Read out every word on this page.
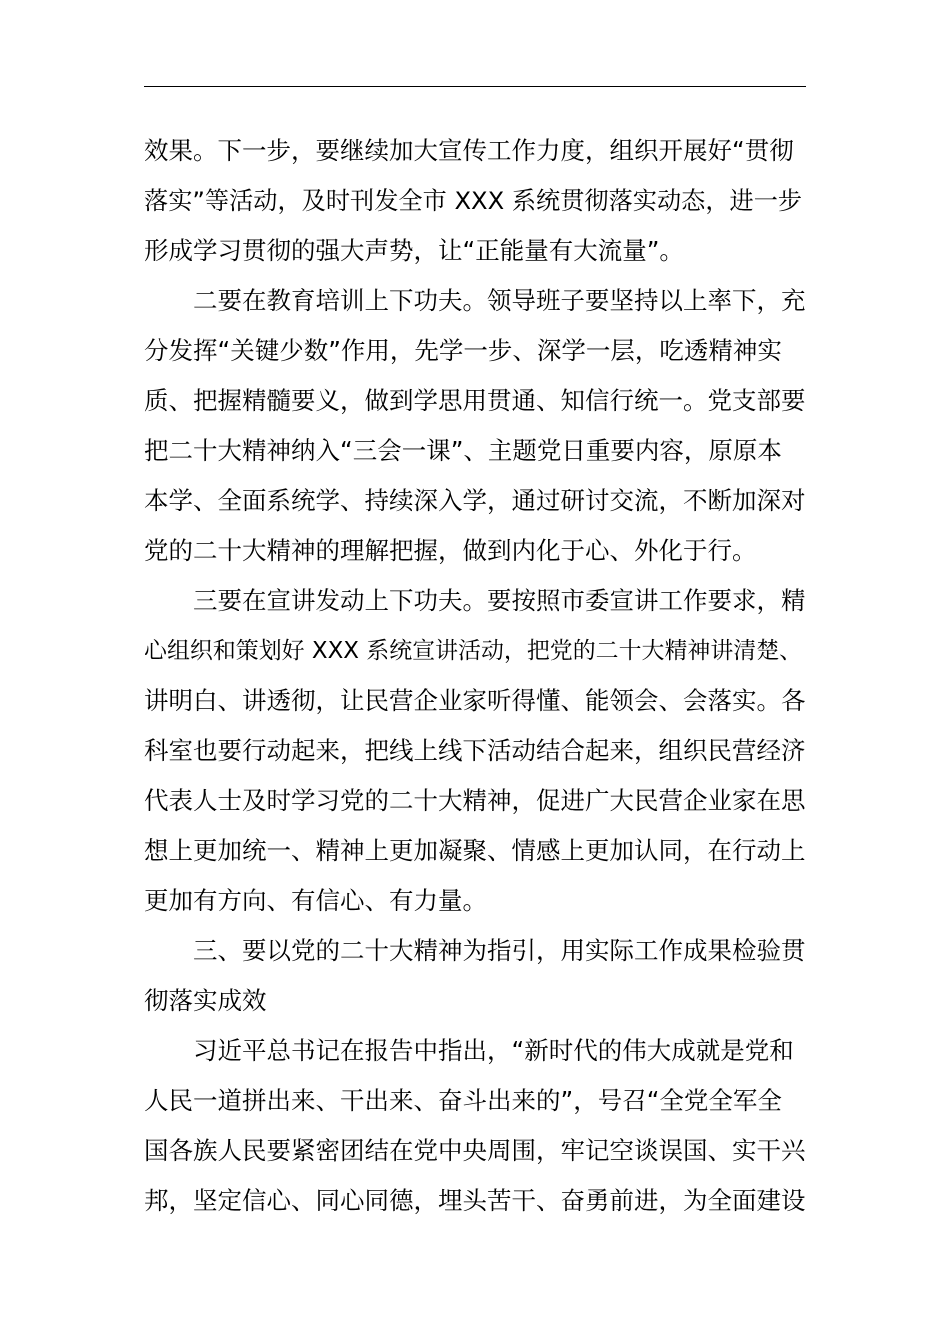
效果。下一步，要继续加大宣传工作力度，组织开展好“贯彻
落实”等活动，及时刊发全市 XXX 系统贯彻落实动态，进一步
形成学习贯彻的强大声势，让“正能量有大流量”。
二要在教育培训上下功夫。领导班子要坚持以上率下，充
分发挥“关键少数”作用，先学一步、深学一层，吃透精神实
质、把握精髓要义，做到学思用贯通、知信行统一。党支部要
把二十大精神纳入“三会一课”、主题党日重要内容，原原本
本学、全面系统学、持续深入学，通过研讨交流，不断加深对
党的二十大精神的理解把握，做到内化于心、外化于行。
三要在宣讲发动上下功夫。要按照市委宣讲工作要求，精
心组织和策划好 XXX 系统宣讲活动，把党的二十大精神讲清楚、
讲明白、讲透彻，让民营企业家听得懂、能领会、会落实。各
科室也要行动起来，把线上线下活动结合起来，组织民营经济
代表人士及时学习党的二十大精神，促进广大民营企业家在思
想上更加统一、精神上更加凝聚、情感上更加认同，在行动上
更加有方向、有信心、有力量。
三、要以党的二十大精神为指引，用实际工作成果检验贯
彻落实成效
习近平总书记在报告中指出，“新时代的伟大成就是党和
人民一道拼出来、干出来、奋斗出来的”，号召“全党全军全
国各族人民要紧密团结在党中央周围，牢记空谈误国、实干兴
邦，坚定信心、同心同德，埋头苦干、奋勇前进，为全面建设
